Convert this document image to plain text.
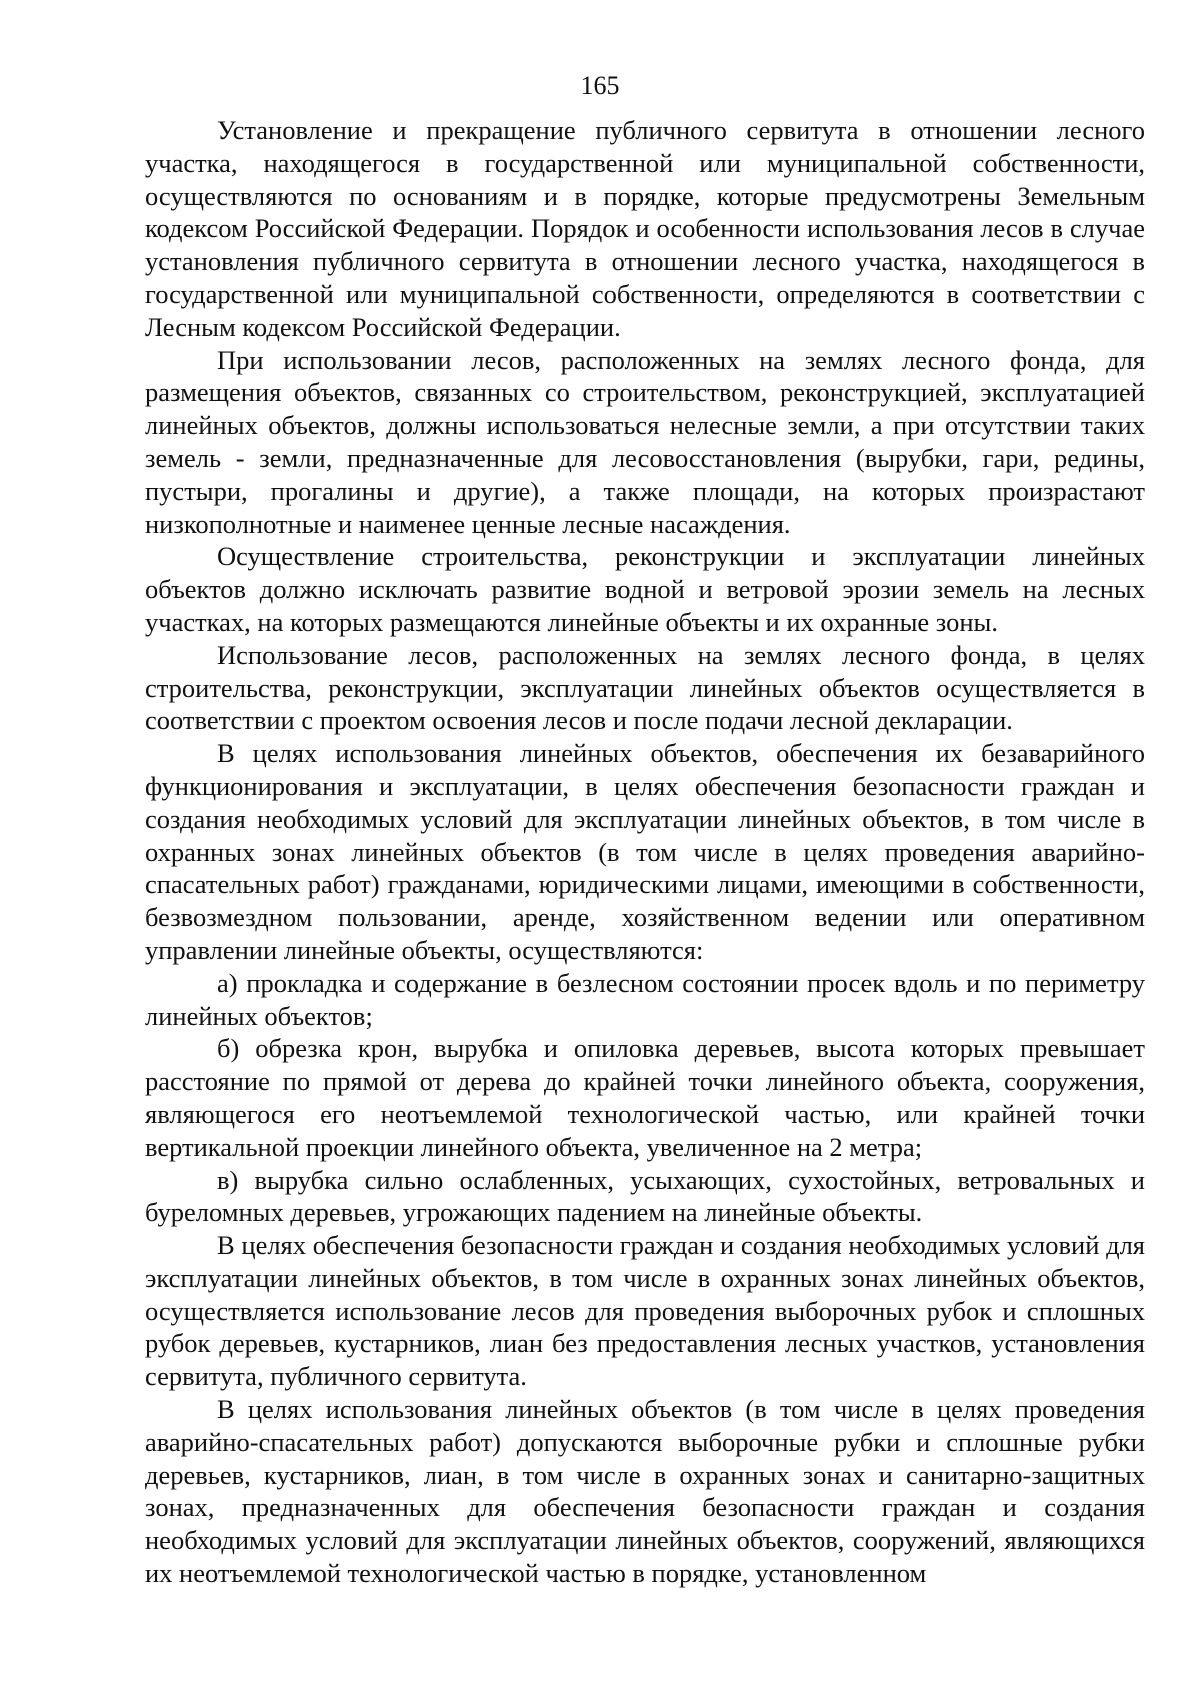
165

Установление и прекращение публичного сервитута в отношении лесного участка, находящегося в государственной или муниципальной собственности, осуществляются по основаниям и в порядке, которые предусмотрены Земельным кодексом Российской Федерации. Порядок и особенности использования лесов в случае установления публичного сервитута в отношении лесного участка, находящегося в государственной или муниципальной собственности, определяются в соответствии с Лесным кодексом Российской Федерации.

При использовании лесов, расположенных на землях лесного фонда, для размещения объектов, связанных со строительством, реконструкцией, эксплуатацией линейных объектов, должны использоваться нелесные земли, а при отсутствии таких земель - земли, предназначенные для лесовосстановления (вырубки, гари, редины, пустыри, прогалины и другие), а также площади, на которых произрастают низкополнотные и наименее ценные лесные насаждения.

Осуществление строительства, реконструкции и эксплуатации линейных объектов должно исключать развитие водной и ветровой эрозии земель на лесных участках, на которых размещаются линейные объекты и их охранные зоны.

Использование лесов, расположенных на землях лесного фонда, в целях строительства, реконструкции, эксплуатации линейных объектов осуществляется в соответствии с проектом освоения лесов и после подачи лесной декларации.

В целях использования линейных объектов, обеспечения их безаварийного функционирования и эксплуатации, в целях обеспечения безопасности граждан и создания необходимых условий для эксплуатации линейных объектов, в том числе в охранных зонах линейных объектов (в том числе в целях проведения аварийно-спасательных работ) гражданами, юридическими лицами, имеющими в собственности, безвозмездном пользовании, аренде, хозяйственном ведении или оперативном управлении линейные объекты, осуществляются:

а) прокладка и содержание в безлесном состоянии просек вдоль и по периметру линейных объектов;

б) обрезка крон, вырубка и опиловка деревьев, высота которых превышает расстояние по прямой от дерева до крайней точки линейного объекта, сооружения, являющегося его неотъемлемой технологической частью, или крайней точки вертикальной проекции линейного объекта, увеличенное на 2 метра;

в) вырубка сильно ослабленных, усыхающих, сухостойных, ветровальных и буреломных деревьев, угрожающих падением на линейные объекты.

В целях обеспечения безопасности граждан и создания необходимых условий для эксплуатации линейных объектов, в том числе в охранных зонах линейных объектов, осуществляется использование лесов для проведения выборочных рубок и сплошных рубок деревьев, кустарников, лиан без предоставления лесных участков, установления сервитута, публичного сервитута.

В целях использования линейных объектов (в том числе в целях проведения аварийно-спасательных работ) допускаются выборочные рубки и сплошные рубки деревьев, кустарников, лиан, в том числе в охранных зонах и санитарно-защитных зонах, предназначенных для обеспечения безопасности граждан и создания необходимых условий для эксплуатации линейных объектов, сооружений, являющихся их неотъемлемой технологической частью в порядке, установленном
